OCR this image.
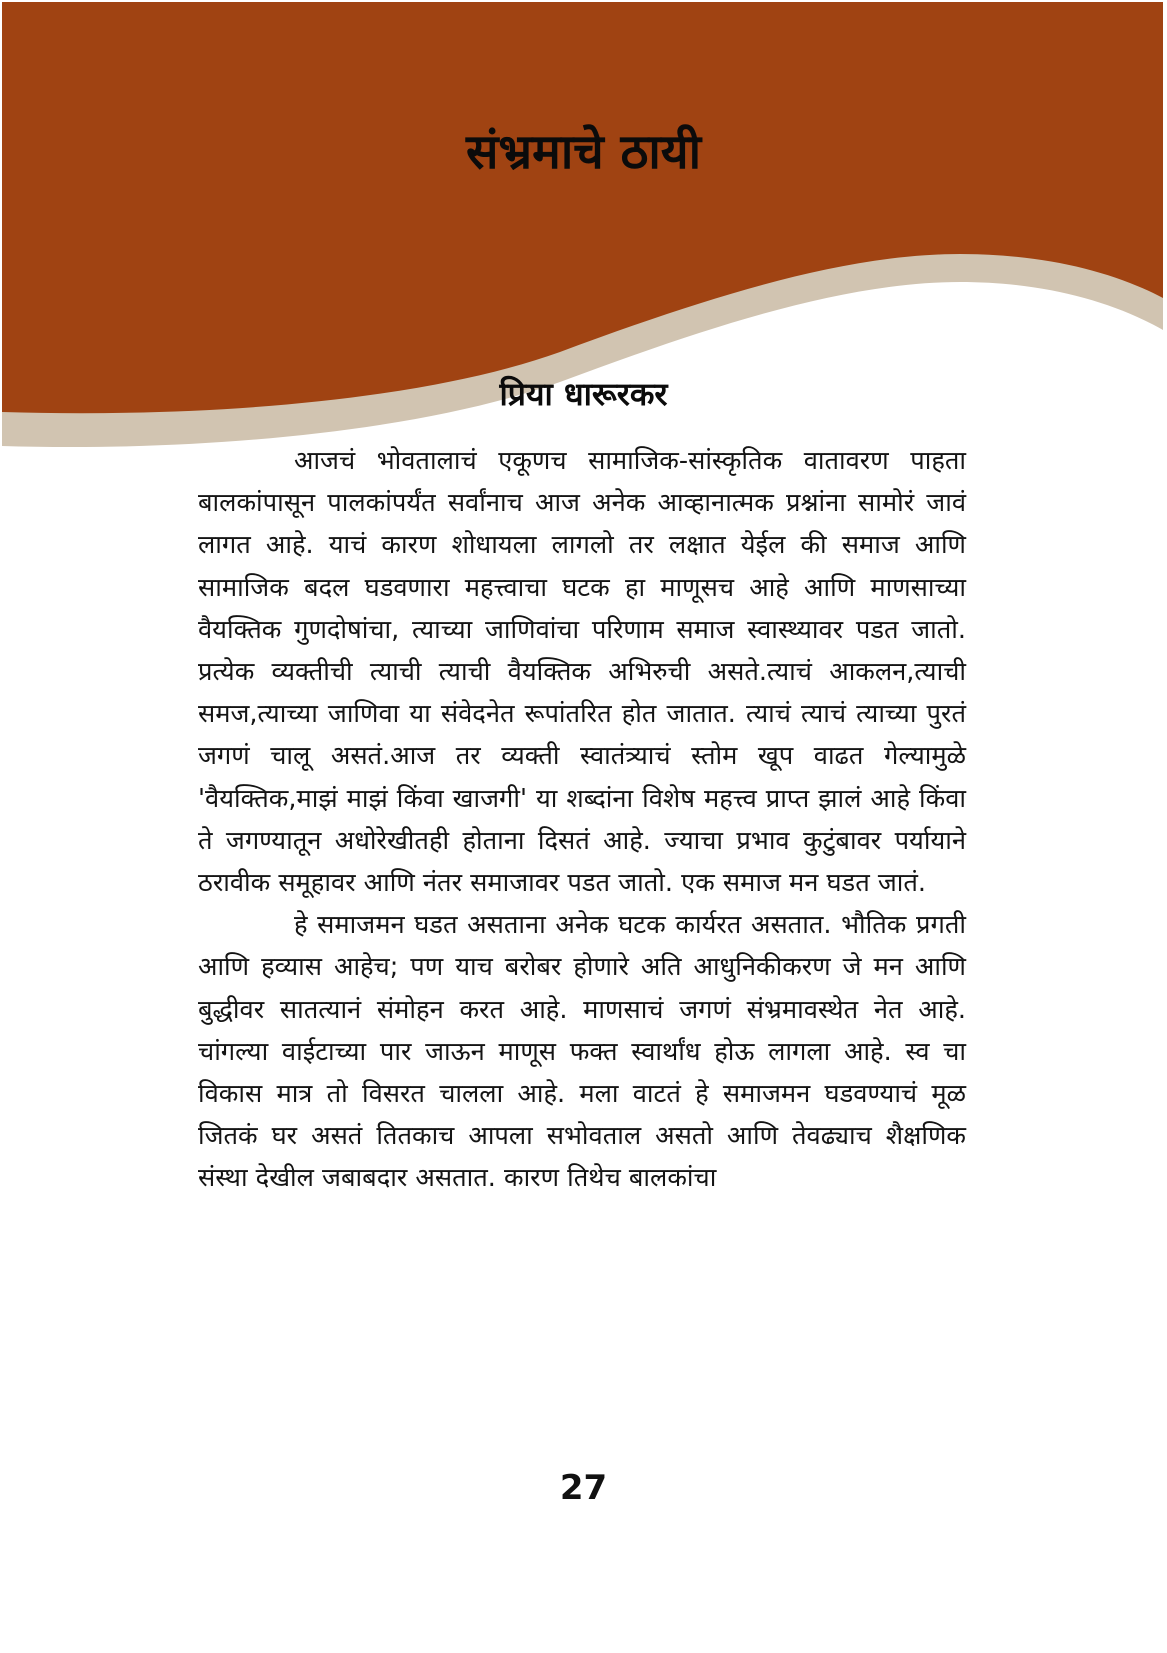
संभ्रमाचे ठायी
प्रिया धारूरकर

आजचं भोवतालाचं एकूणच सामाजिक-सांस्कृतिक वातावरण पाहता बालकांपासून पालकांपर्यंत सर्वांनाच आज अनेक आव्हानात्मक प्रश्नांना सामोरं जावं लागत आहे. याचं कारण शोधायला लागलो तर लक्षात येईल की समाज आणि सामाजिक बदल घडवणारा महत्त्वाचा घटक हा माणूसच आहे आणि माणसाच्या वैयक्तिक गुणदोषांचा, त्याच्या जाणिवांचा परिणाम समाज स्वास्थ्यावर पडत जातो. प्रत्येक व्यक्तीची त्याची त्याची वैयक्तिक अभिरुची असते.त्याचं आकलन,त्याची समज,त्याच्या जाणिवा या संवेदनेत रूपांतरित होत जातात. त्याचं त्याचं त्याच्या पुरतं जगणं चालू असतं.आज तर व्यक्ती स्वातंत्र्याचं स्तोम खूप वाढत गेल्यामुळे 'वैयक्तिक,माझं माझं किंवा खाजगी' या शब्दांना विशेष महत्त्व प्राप्त झालं आहे किंवा ते जगण्यातून अधोरेखीतही होताना दिसतं आहे. ज्याचा प्रभाव कुटुंबावर पर्यायाने ठरावीक समूहावर आणि नंतर समाजावर पडत जातो. एक समाज मन घडत जातं.

हे समाजमन घडत असताना अनेक घटक कार्यरत असतात. भौतिक प्रगती आणि हव्यास आहेच; पण याच बरोबर होणारे अति आधुनिकीकरण जे मन आणि बुद्धीवर सातत्यानं संमोहन करत आहे. माणसाचं जगणं संभ्रमावस्थेत नेत आहे. चांगल्या वाईटाच्या पार जाऊन माणूस फक्त स्वार्थांध होऊ लागला आहे. स्व चा विकास मात्र तो विसरत चालला आहे. मला वाटतं हे समाजमन घडवण्याचं मूळ जितकं घर असतं तितकाच आपला सभोवताल असतो आणि तेवढ्याच शैक्षणिक संस्था देखील जबाबदार असतात. कारण तिथेच बालकांचा

27
